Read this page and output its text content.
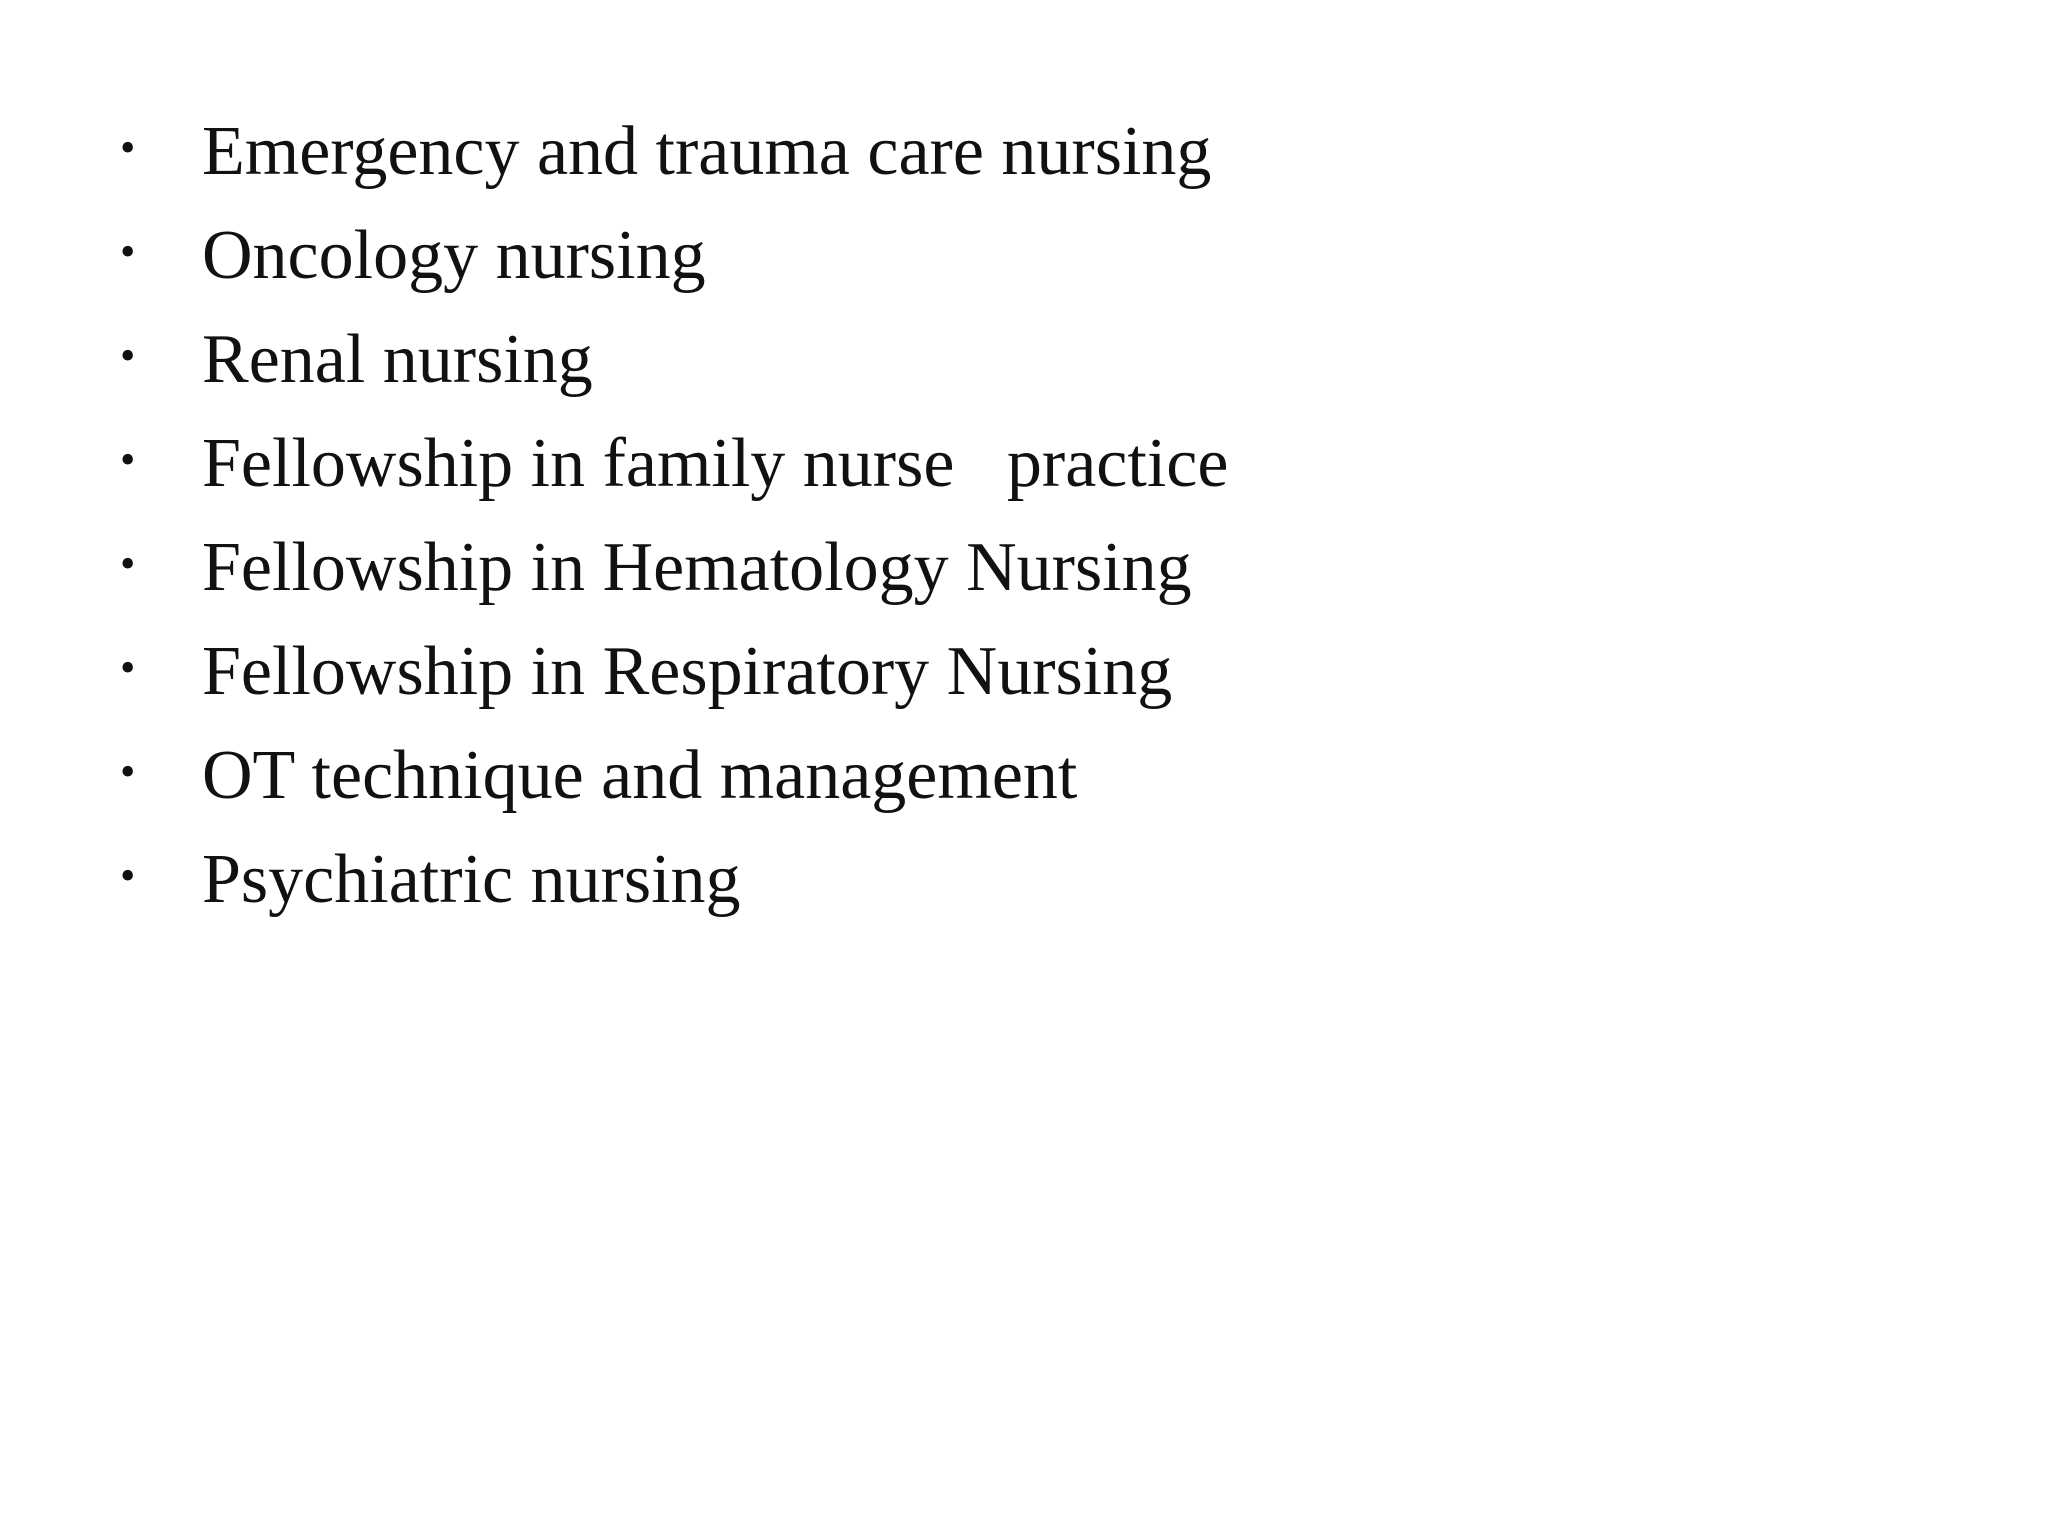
• Emergency and trauma care nursing
• Oncology nursing
• Renal nursing
• Fellowship in family nurse   practice
• Fellowship in Hematology Nursing
• Fellowship in Respiratory Nursing
• OT technique and management
• Psychiatric nursing
